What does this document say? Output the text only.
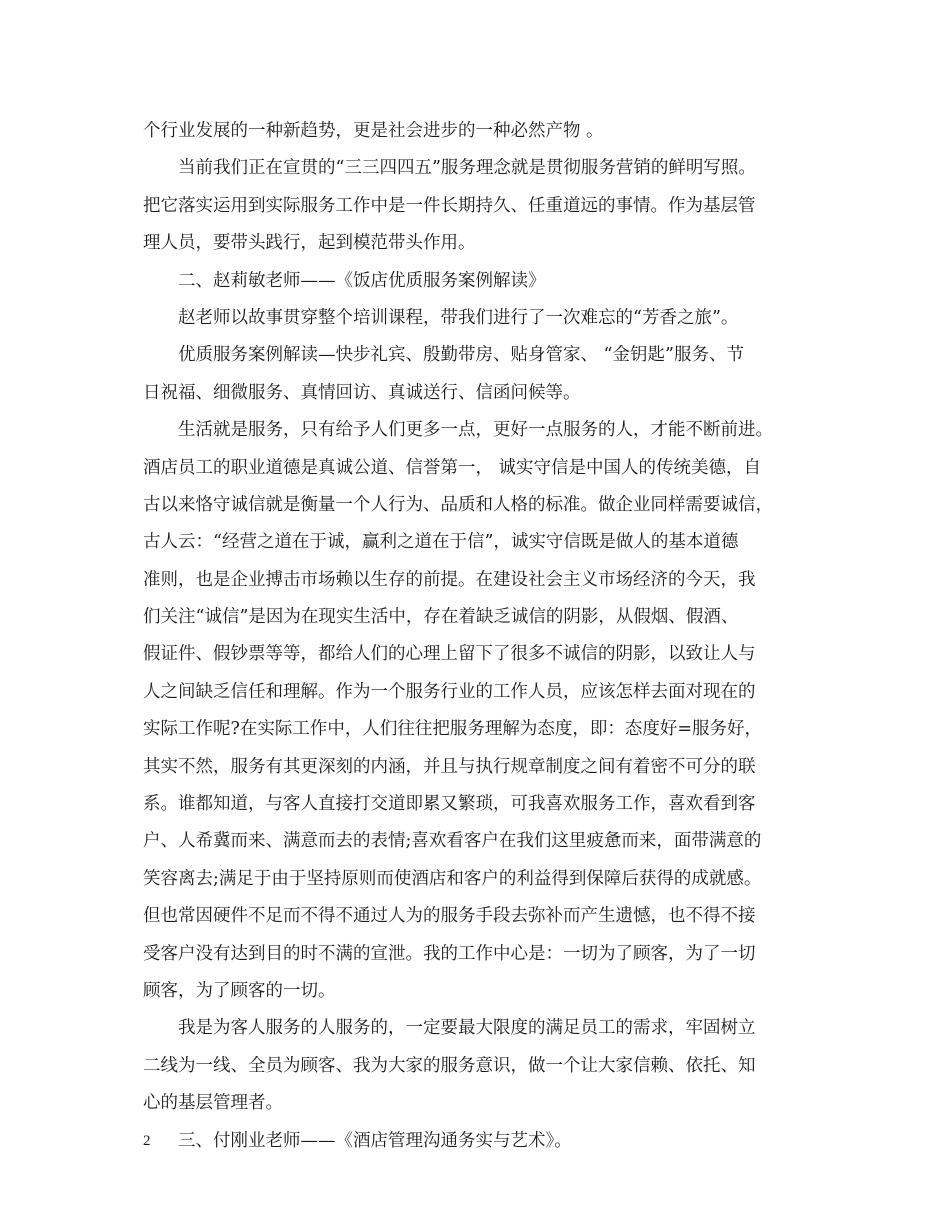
个行业发展的一种新趋势，更是社会进步的一种必然产物 。
当前我们正在宣贯的“三三四四五”服务理念就是贯彻服务营销的鲜明写照。
把它落实运用到实际服务工作中是一件长期持久、任重道远的事情。作为基层管
理人员，要带头践行，起到模范带头作用。
二、赵莉敏老师——《饭店优质服务案例解读》
赵老师以故事贯穿整个培训课程，带我们进行了一次难忘的“芳香之旅”。
优质服务案例解读—快步礼宾、殷勤带房、贴身管家、 “金钥匙”服务、节
日祝福、细微服务、真情回访、真诚送行、信函问候等。
生活就是服务，只有给予人们更多一点，更好一点服务的人，才能不断前进。
酒店员工的职业道德是真诚公道、信誉第一， 诚实守信是中国人的传统美德，自
古以来恪守诚信就是衡量一个人行为、品质和人格的标准。做企业同样需要诚信，
古人云：“经营之道在于诚，赢利之道在于信”，诚实守信既是做人的基本道德
准则，也是企业搏击市场赖以生存的前提。在建设社会主义市场经济的今天，我
们关注“诚信”是因为在现实生活中，存在着缺乏诚信的阴影，从假烟、假酒、
假证件、假钞票等等，都给人们的心理上留下了很多不诚信的阴影，以致让人与
人之间缺乏信任和理解。作为一个服务行业的工作人员，应该怎样去面对现在的
实际工作呢?在实际工作中，人们往往把服务理解为态度，即：态度好=服务好，
其实不然，服务有其更深刻的内涵，并且与执行规章制度之间有着密不可分的联
系。谁都知道，与客人直接打交道即累又繁琐，可我喜欢服务工作，喜欢看到客
户、人希冀而来、满意而去的表情;喜欢看客户在我们这里疲惫而来，面带满意的
笑容离去;满足于由于坚持原则而使酒店和客户的利益得到保障后获得的成就感。
但也常因硬件不足而不得不通过人为的服务手段去弥补而产生遗憾，也不得不接
受客户没有达到目的时不满的宣泄。我的工作中心是：一切为了顾客，为了一切
顾客，为了顾客的一切。
我是为客人服务的人服务的，一定要最大限度的满足员工的需求，牢固树立
二线为一线、全员为顾客、我为大家的服务意识，做一个让大家信赖、依托、知
心的基层管理者。
三、付刚业老师——《酒店管理沟通务实与艺术》。
2
